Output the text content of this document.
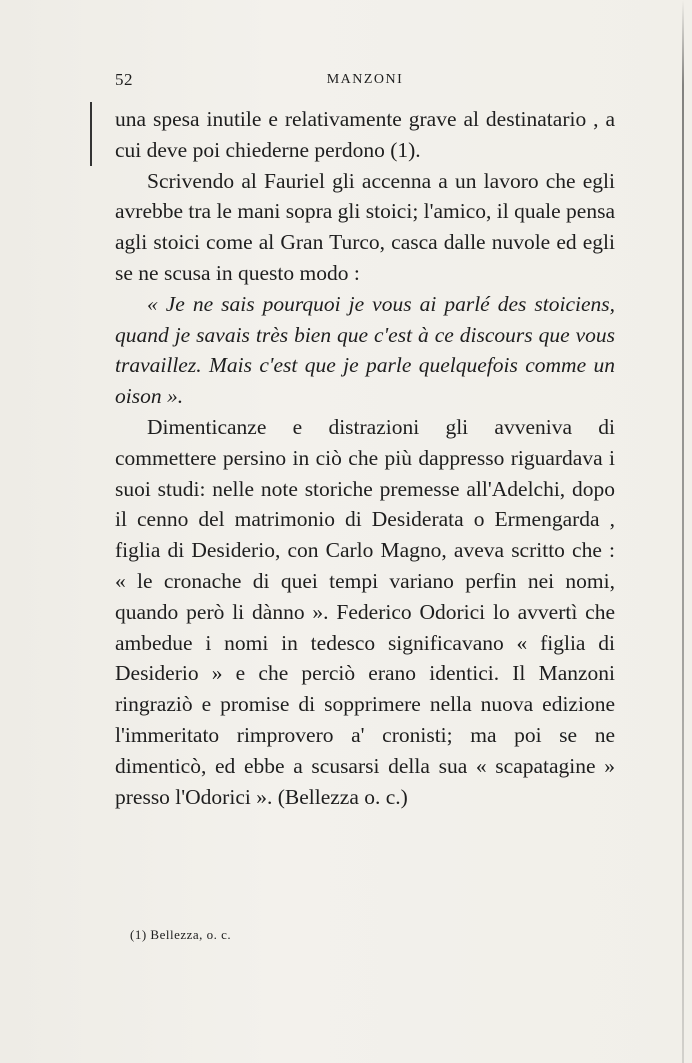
52	MANZONI

una spesa inutile e relativamente grave al destinatario , a cui deve poi chiederne perdono (1).

Scrivendo al Fauriel gli accenna a un lavoro che egli avrebbe tra le mani sopra gli stoici; l'amico, il quale pensa agli stoici come al Gran Turco, casca dalle nuvole ed egli se ne scusa in questo modo :

« Je ne sais pourquoi je vous ai parlé des stoiciens, quand je savais très bien que c'est à ce discours que vous travaillez. Mais c'est que je parle quelquefois comme un oison ».

Dimenticanze e distrazioni gli avveniva di commettere persino in ciò che più dappresso riguardava i suoi studi: nelle note storiche premesse all'Adelchi, dopo il cenno del matrimonio di Desiderata o Ermengarda , figlia di Desiderio, con Carlo Magno, aveva scritto che : « le cronache di quei tempi variano perfin nei nomi, quando però li dànno ». Federico Odorici lo avvertì che ambedue i nomi in tedesco significavano « figlia di Desiderio » e che perciò erano identici. Il Manzoni ringraziò e promise di sopprimere nella nuova edizione l'immeritato rimprovero a' cronisti; ma poi se ne dimenticò, ed ebbe a scusarsi della sua « scapatagine » presso l'Odorici ». (Bellezza o. c.)

(1) Bellezza, o. c.
